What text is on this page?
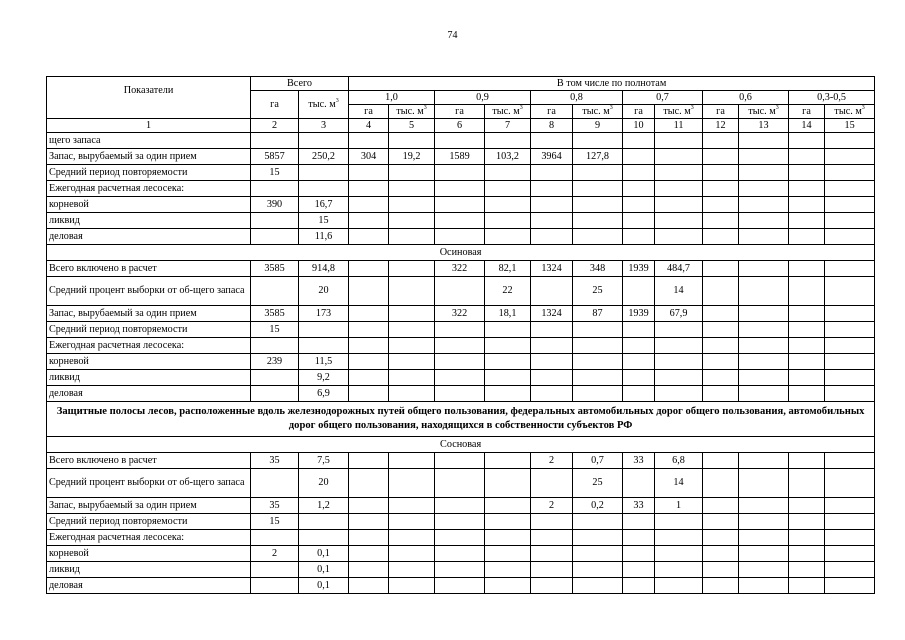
74
Показатели	Всего		В том числе по полнотам											
	га	тыс. $м^3$	1,0		0,9		0,8		0,7		0,6		0,3-0,5	
			га	тыс. $м^3$	га	тыс. $м^3$	га	тыс. $м^3$	га	тыс. $м^3$	га	тыс. $м^3$	га	тыс. $м^3$
1	2	3	4	5	6	7	8	9	10	11	12	13	14	15
щего запаса														
Запас, вырубаемый за один прием	5857	250,2	304	19,2	1589	103,2	3964	127,8						
Средний период повторяемости	15													
Ежегодная расчетная лесосека:														
корневой	390	16,7												
ликвид		15												
деловая		11,6												
Осиновая														
Всего включено в расчет	3585	914,8			322	82,1	1324	348	1939	484,7				
Средний процент выборки от об-щего запаса		20				22		25		14				
Запас, вырубаемый за один прием	3585	173			322	18,1	1324	87	1939	67,9				
Средний период повторяемости	15													
Ежегодная расчетная лесосека:														
корневой	239	11,5												
ликвид		9,2												
деловая		6,9												
Защитные полосы лесов, расположенные вдоль железнодорожных путей общего пользования, федеральных автомобильных дорог общего пользования, автомобильных дорог общего пользования, находящихся в собственности субъектов РФ														
Сосновая														
Всего включено в расчет	35	7,5					2	0,7	33	6,8				
Средний процент выборки от об-щего запаса		20						25		14				
Запас, вырубаемый за один прием	35	1,2					2	0,2	33	1				
Средний период повторяемости	15													
Ежегодная расчетная лесосека:														
корневой	2	0,1												
ликвид		0,1												
деловая		0,1												
